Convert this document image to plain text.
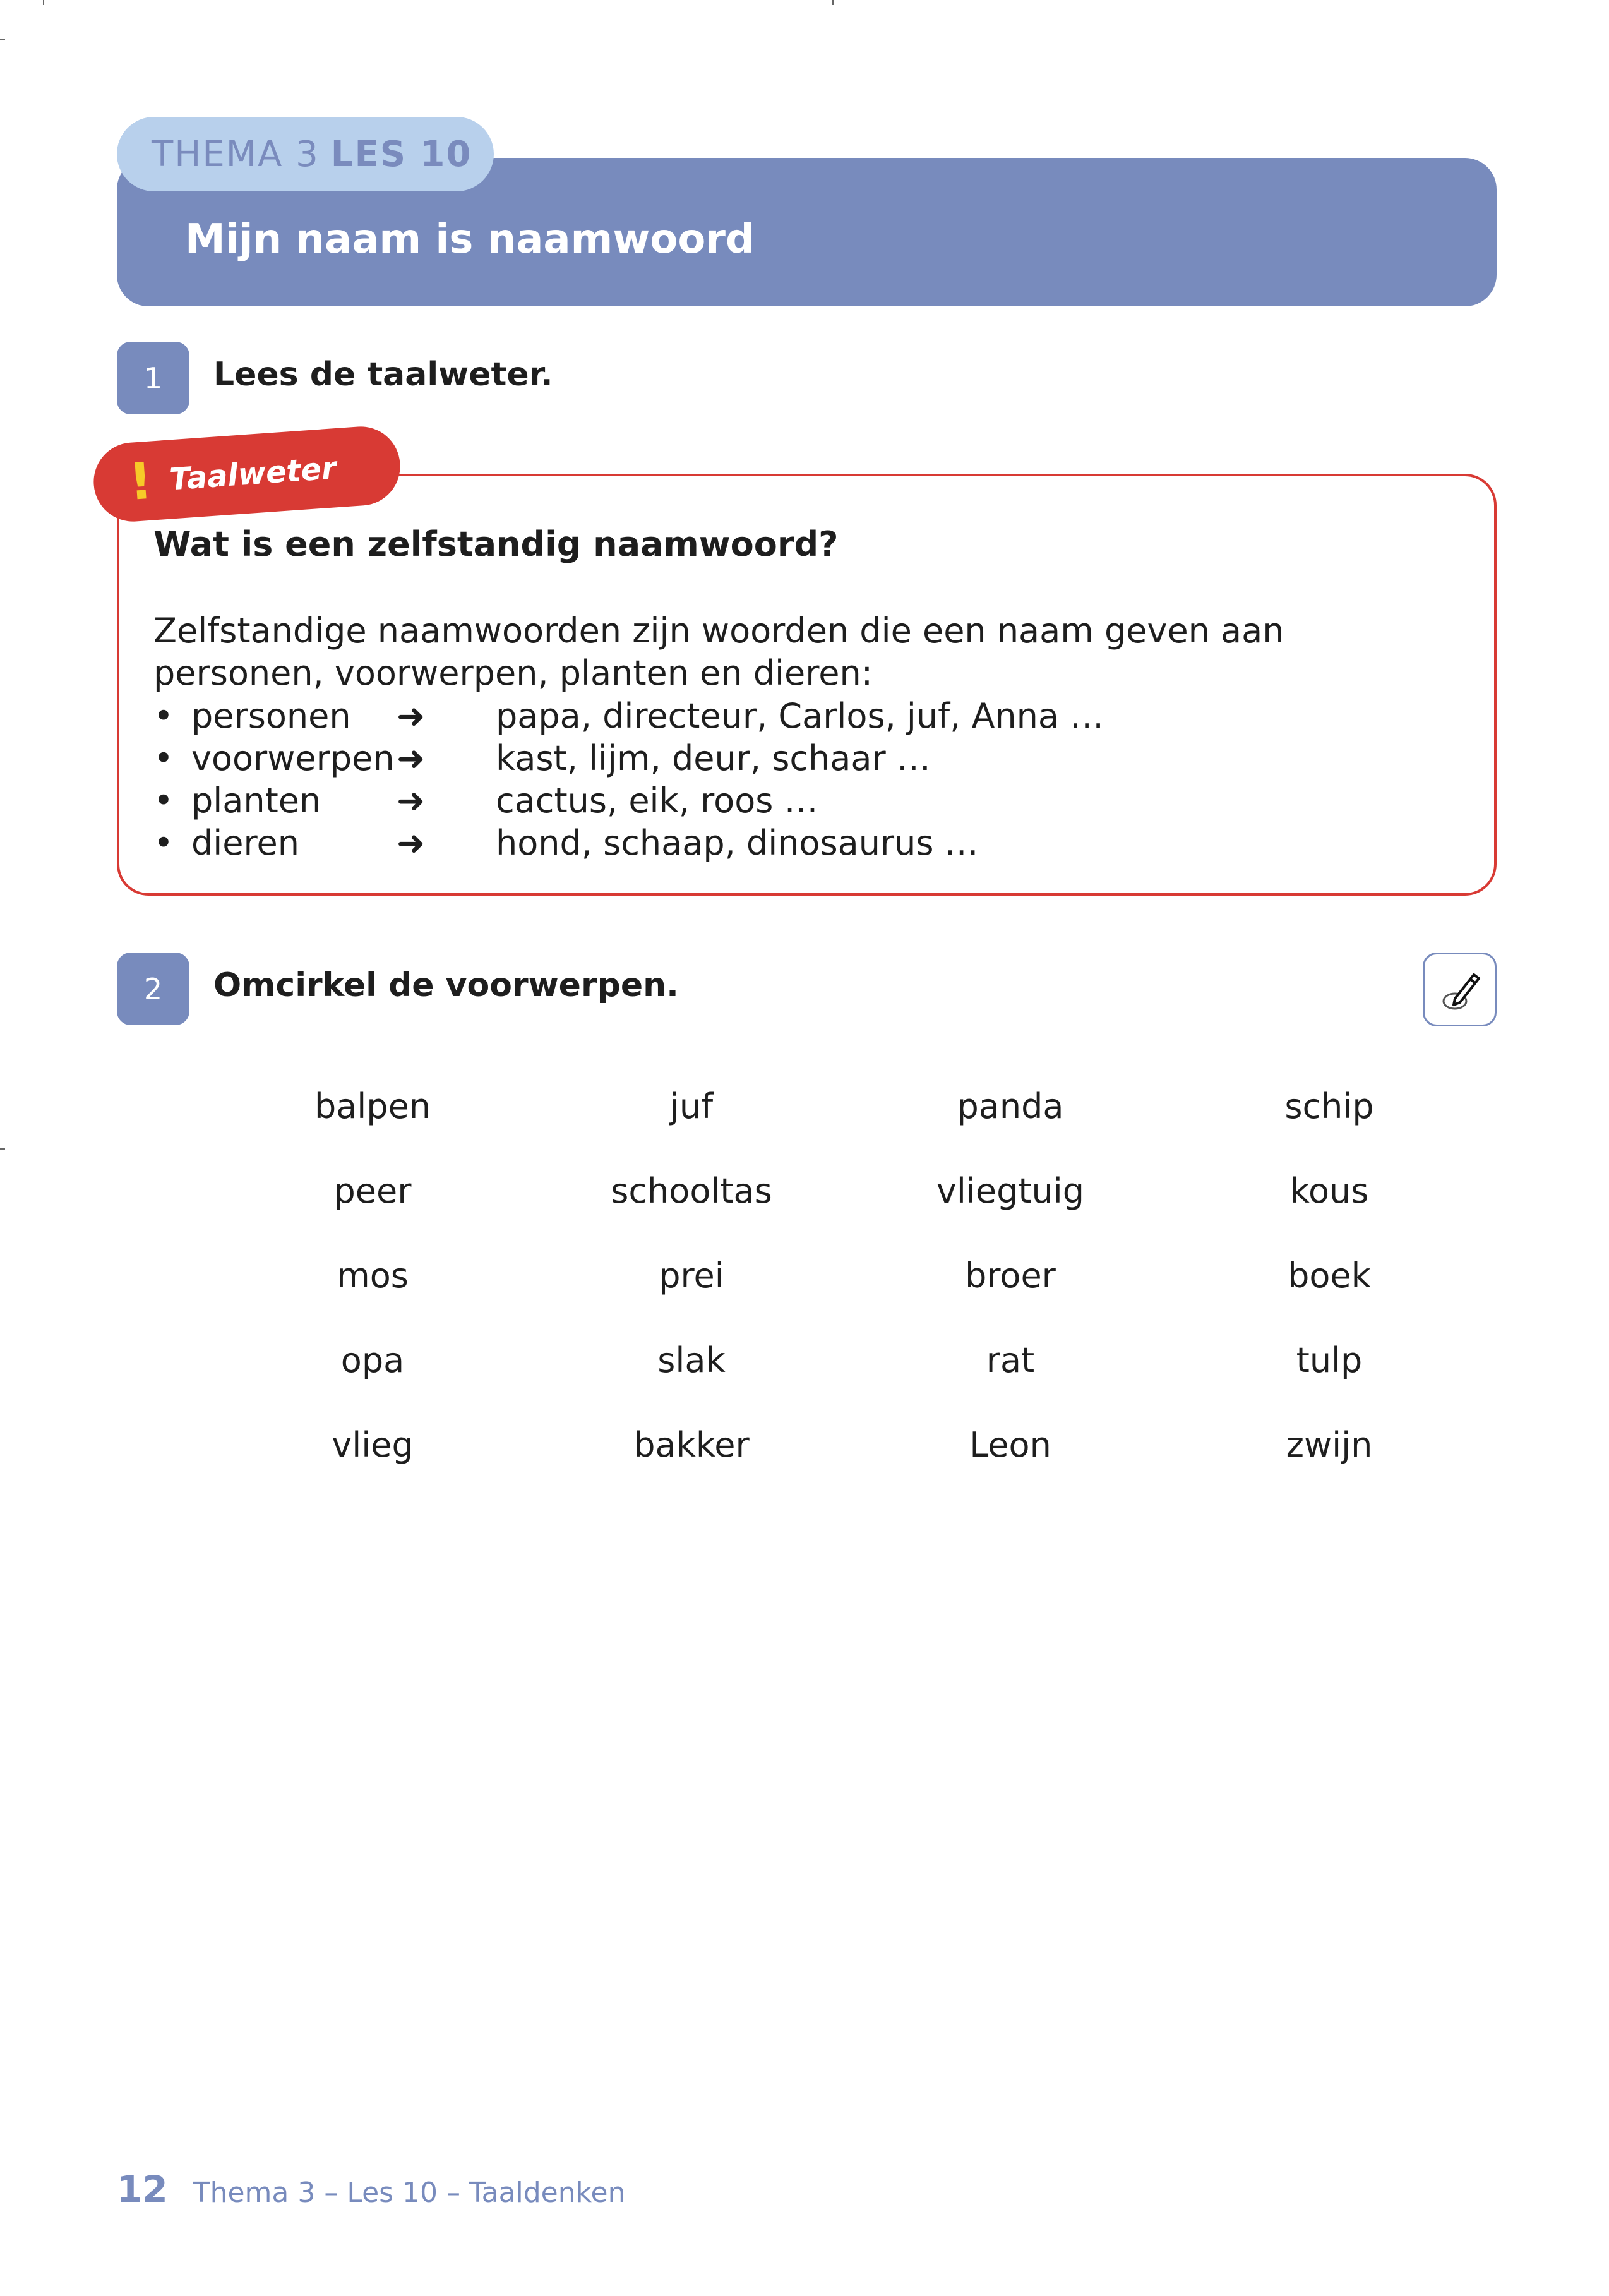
THEMA 3 LES 10
Mijn naam is naamwoord
1	Lees de taalweter.
! Taalweter
Wat is een zelfstandig naamwoord?
Zelfstandige naamwoorden zijn woorden die een naam geven aan personen, voorwerpen, planten en dieren:
• personen ➜ papa, directeur, Carlos, juf, Anna …
• voorwerpen ➜ kast, lijm, deur, schaar …
• planten ➜ cactus, eik, roos …
• dieren	➜ hond, schaap, dinosaurus …
2	Omcirkel de voorwerpen.
balpen	juf	panda	schip
peer	schooltas	vliegtuig	kous
mos	prei	broer	boek
opa	slak	rat	tulp
vlieg	bakker	Leon	zwijn
12 Thema 3 – Les 10 – Taaldenken
